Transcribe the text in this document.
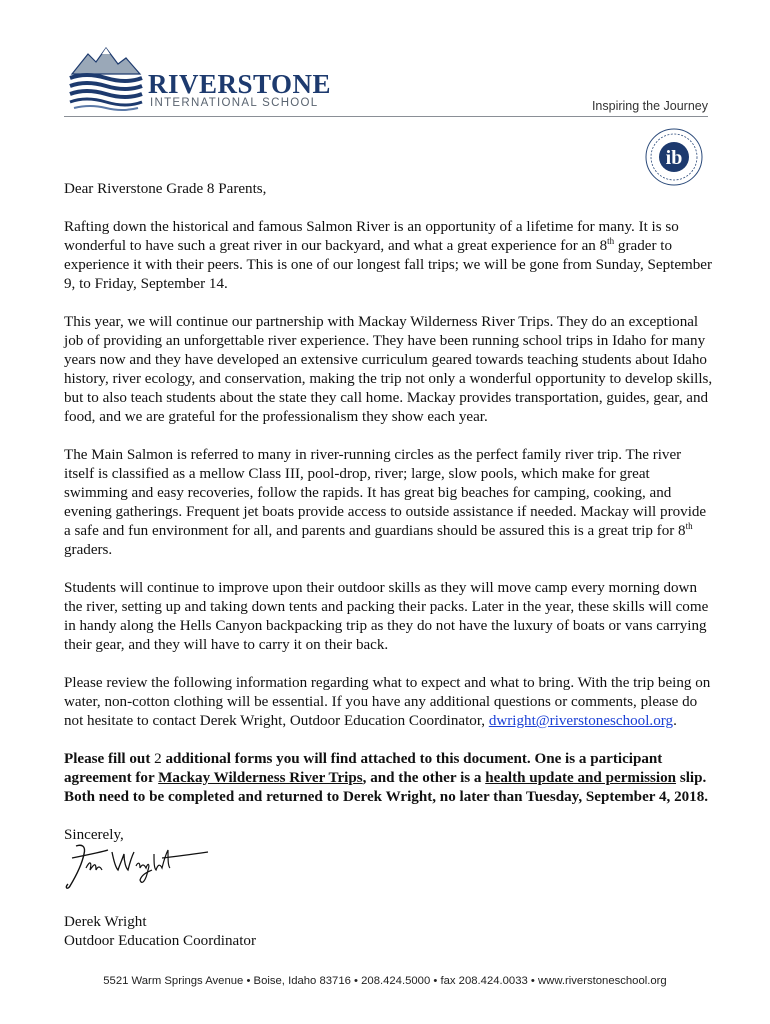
RIVERSTONE
INTERNATIONAL SCHOOL	Inspiring the Journey
ib

Dear Riverstone Grade 8 Parents,

Rafting down the historical and famous Salmon River is an opportunity of a lifetime for many. It is so wonderful to have such a great river in our backyard, and what a great experience for an 8th grader to experience it with their peers. This is one of our longest fall trips; we will be gone from Sunday, September 9, to Friday, September 14.

This year, we will continue our partnership with Mackay Wilderness River Trips. They do an exceptional job of providing an unforgettable river experience. They have been running school trips in Idaho for many years now and they have developed an extensive curriculum geared towards teaching students about Idaho history, river ecology, and conservation, making the trip not only a wonderful opportunity to develop skills, but to also teach students about the state they call home. Mackay provides transportation, guides, gear, and food, and we are grateful for the professionalism they show each year.

The Main Salmon is referred to many in river-running circles as the perfect family river trip. The river itself is classified as a mellow Class III, pool-drop, river; large, slow pools, which make for great swimming and easy recoveries, follow the rapids. It has great big beaches for camping, cooking, and evening gatherings. Frequent jet boats provide access to outside assistance if needed. Mackay will provide a safe and fun environment for all, and parents and guardians should be assured this is a great trip for 8th graders.

Students will continue to improve upon their outdoor skills as they will move camp every morning down the river, setting up and taking down tents and packing their packs. Later in the year, these skills will come in handy along the Hells Canyon backpacking trip as they do not have the luxury of boats or vans carrying their gear, and they will have to carry it on their back.

Please review the following information regarding what to expect and what to bring. With the trip being on water, non-cotton clothing will be essential. If you have any additional questions or comments, please do not hesitate to contact Derek Wright, Outdoor Education Coordinator, dwright@riverstoneschool.org.

Please fill out 2 additional forms you will find attached to this document. One is a participant agreement for Mackay Wilderness River Trips, and the other is a health update and permission slip. Both need to be completed and returned to Derek Wright, no later than Tuesday, September 4, 2018.

Sincerely,

Derek Wright
Outdoor Education Coordinator
5521 Warm Springs Avenue • Boise, Idaho 83716 • 208.424.5000 • fax 208.424.0033 • www.riverstoneschool.org
